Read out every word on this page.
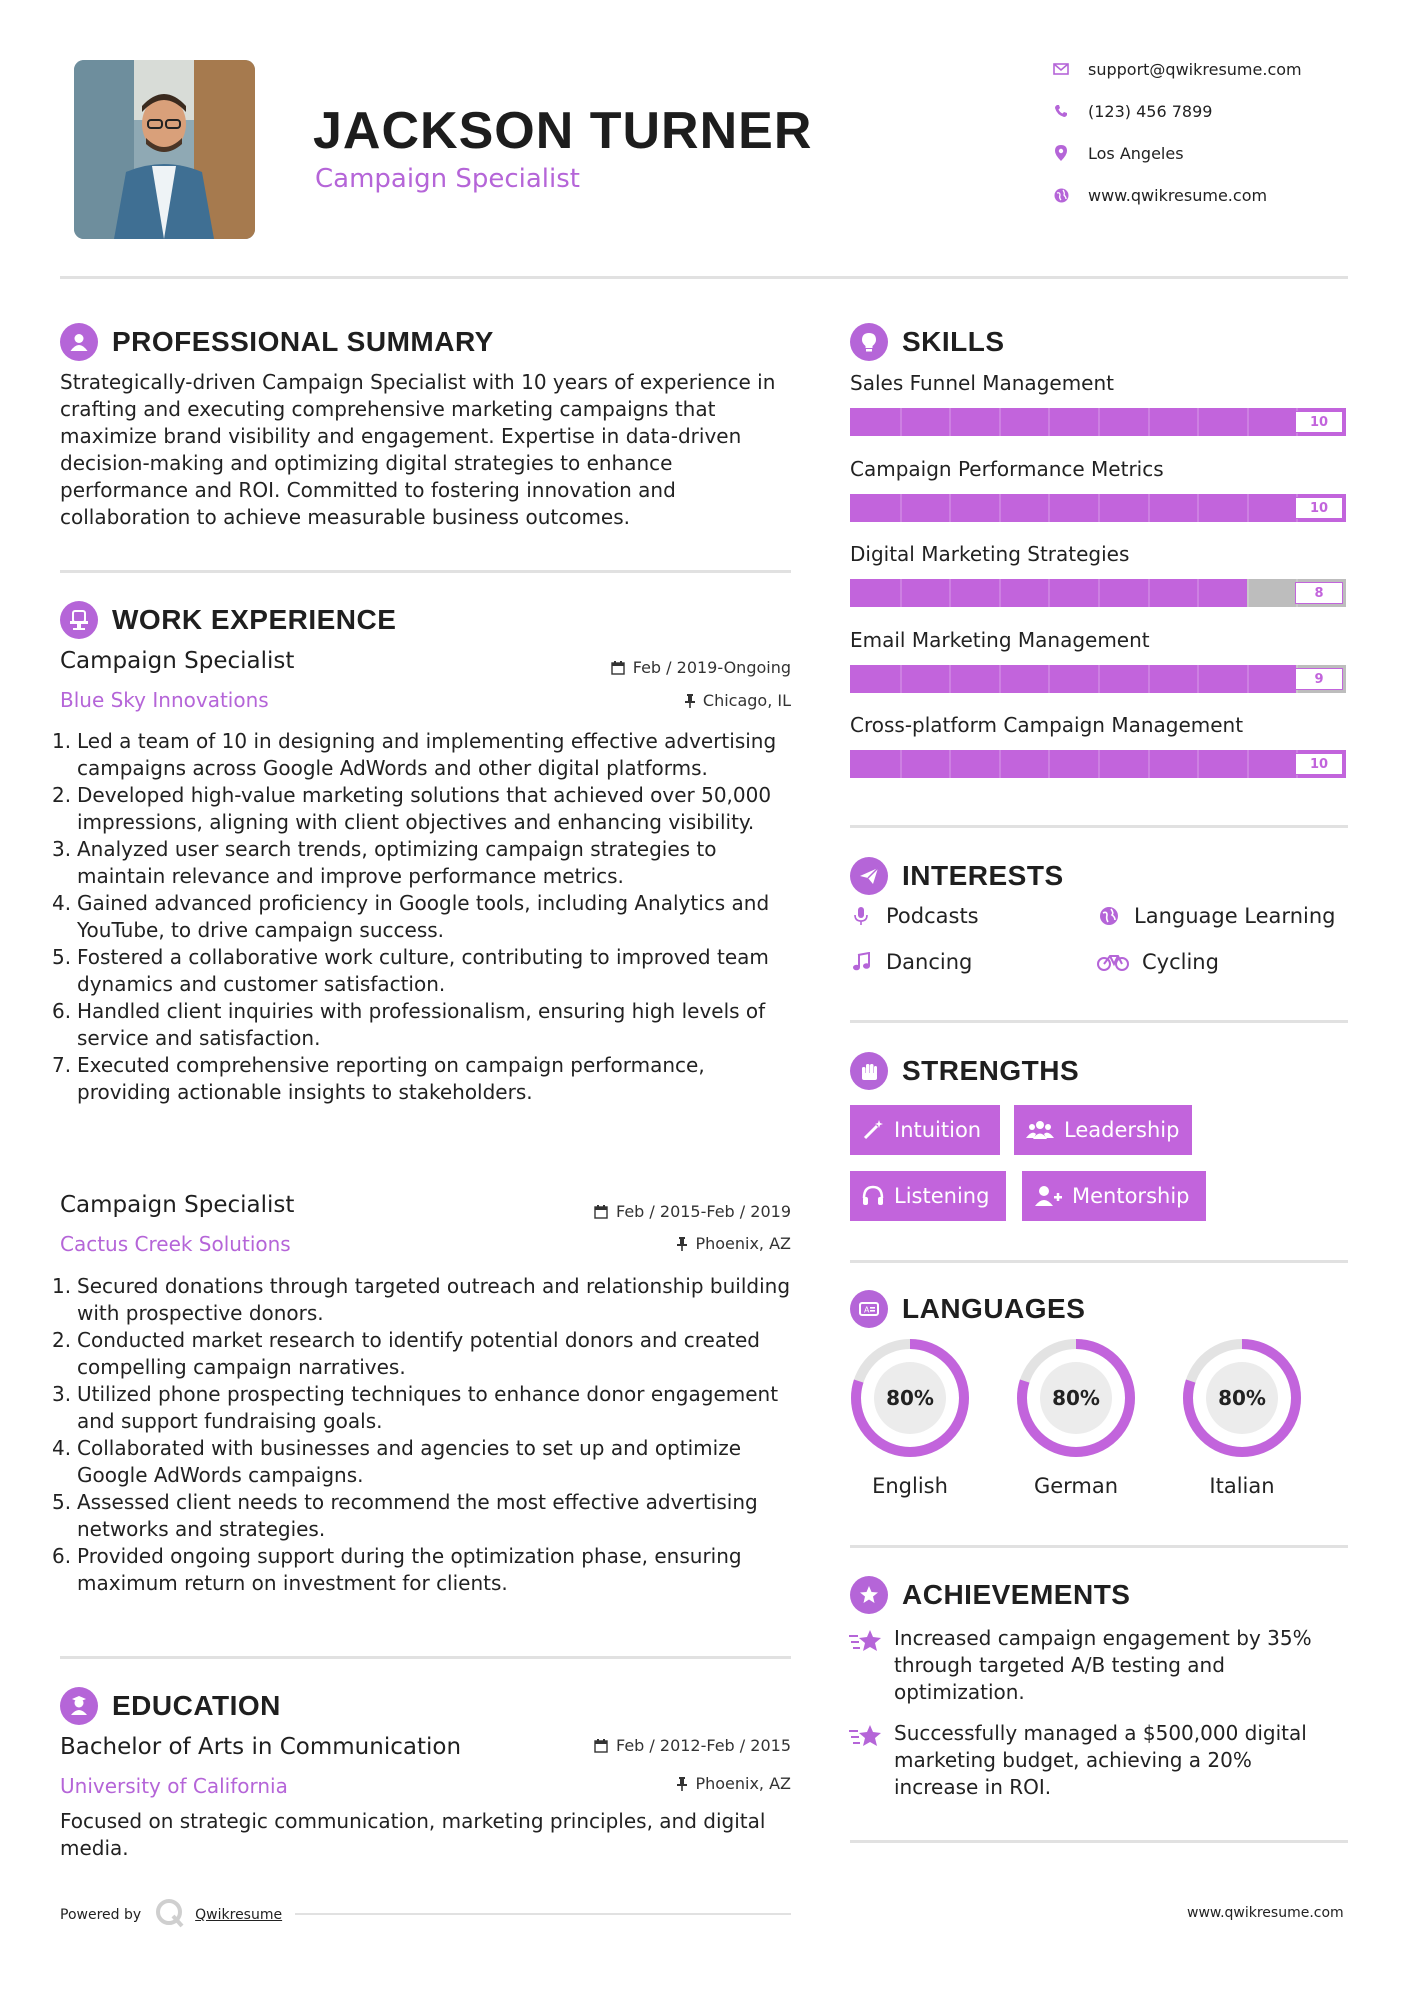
JACKSON TURNER
Campaign Specialist
support@qwikresume.com
(123) 456 7899
Los Angeles
www.qwikresume.com
PROFESSIONAL SUMMARY
Strategically-driven Campaign Specialist with 10 years of experience in crafting and executing comprehensive marketing campaigns that maximize brand visibility and engagement. Expertise in data-driven decision-making and optimizing digital strategies to enhance performance and ROI. Committed to fostering innovation and collaboration to achieve measurable business outcomes.
WORK EXPERIENCE
Campaign Specialist
Blue Sky Innovations
Feb / 2019-Ongoing
Chicago, IL
1. Led a team of 10 in designing and implementing effective advertising campaigns across Google AdWords and other digital platforms.
2. Developed high-value marketing solutions that achieved over 50,000 impressions, aligning with client objectives and enhancing visibility.
3. Analyzed user search trends, optimizing campaign strategies to maintain relevance and improve performance metrics.
4. Gained advanced proficiency in Google tools, including Analytics and YouTube, to drive campaign success.
5. Fostered a collaborative work culture, contributing to improved team dynamics and customer satisfaction.
6. Handled client inquiries with professionalism, ensuring high levels of service and satisfaction.
7. Executed comprehensive reporting on campaign performance, providing actionable insights to stakeholders.
Campaign Specialist
Cactus Creek Solutions
Feb / 2015-Feb / 2019
Phoenix, AZ
1. Secured donations through targeted outreach and relationship building with prospective donors.
2. Conducted market research to identify potential donors and created compelling campaign narratives.
3. Utilized phone prospecting techniques to enhance donor engagement and support fundraising goals.
4. Collaborated with businesses and agencies to set up and optimize Google AdWords campaigns.
5. Assessed client needs to recommend the most effective advertising networks and strategies.
6. Provided ongoing support during the optimization phase, ensuring maximum return on investment for clients.
EDUCATION
Bachelor of Arts in Communication
University of California
Feb / 2012-Feb / 2015
Phoenix, AZ
Focused on strategic communication, marketing principles, and digital media.
Powered by	Qwikresume
SKILLS
Sales Funnel Management
10
Campaign Performance Metrics
10
Digital Marketing Strategies
8
Email Marketing Management
9
Cross-platform Campaign Management
10
INTERESTS
Podcasts	Language Learning
Dancing	Cycling
STRENGTHS
Intuition	Leadership
Listening	Mentorship
A LANGUAGES
80%
English
80%
German
80%
Italian
ACHIEVEMENTS
Increased campaign engagement by 35% through targeted A/B testing and optimization.
Successfully managed a $500,000 digital marketing budget, achieving a 20% increase in ROI.
www.qwikresume.com
